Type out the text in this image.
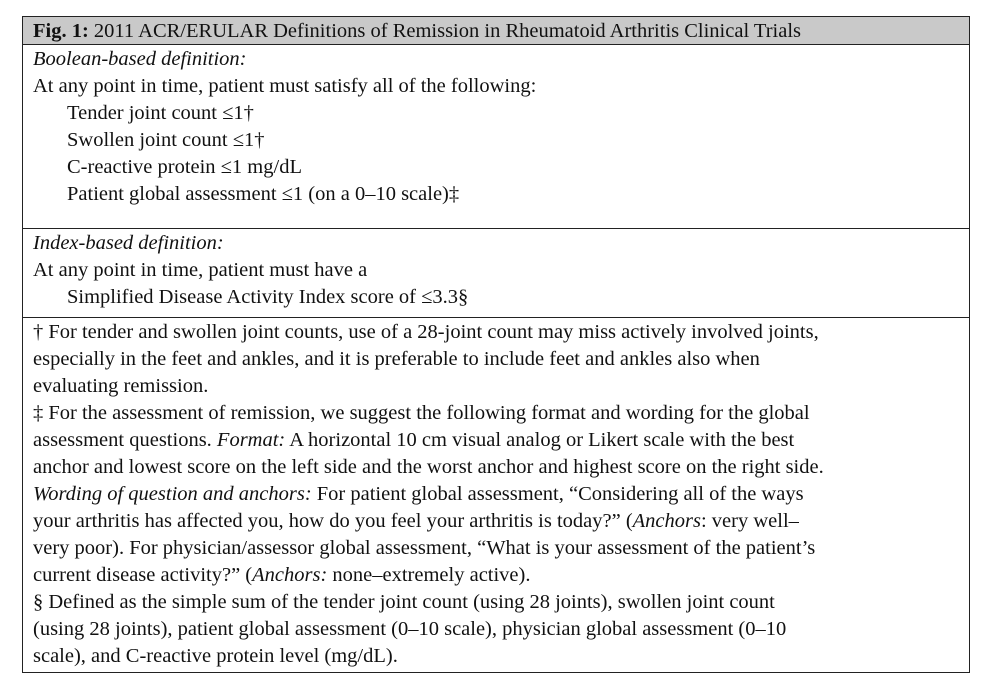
Fig. 1: 2011 ACR/ERULAR Definitions of Remission in Rheumatoid Arthritis Clinical Trials
Boolean-based definition:
At any point in time, patient must satisfy all of the following:
Tender joint count ≤1†
Swollen joint count ≤1†
C-reactive protein ≤1 mg/dL
Patient global assessment ≤1 (on a 0–10 scale)‡
Index-based definition:
At any point in time, patient must have a
Simplified Disease Activity Index score of ≤3.3§
† For tender and swollen joint counts, use of a 28-joint count may miss actively involved joints,
especially in the feet and ankles, and it is preferable to include feet and ankles also when
evaluating remission.
‡ For the assessment of remission, we suggest the following format and wording for the global
assessment questions. Format: A horizontal 10 cm visual analog or Likert scale with the best
anchor and lowest score on the left side and the worst anchor and highest score on the right side.
Wording of question and anchors: For patient global assessment, “Considering all of the ways
your arthritis has affected you, how do you feel your arthritis is today?” (Anchors: very well–
very poor). For physician/assessor global assessment, “What is your assessment of the patient’s
current disease activity?” (Anchors: none–extremely active).
§ Defined as the simple sum of the tender joint count (using 28 joints), swollen joint count
(using 28 joints), patient global assessment (0–10 scale), physician global assessment (0–10
scale), and C-reactive protein level (mg/dL).
